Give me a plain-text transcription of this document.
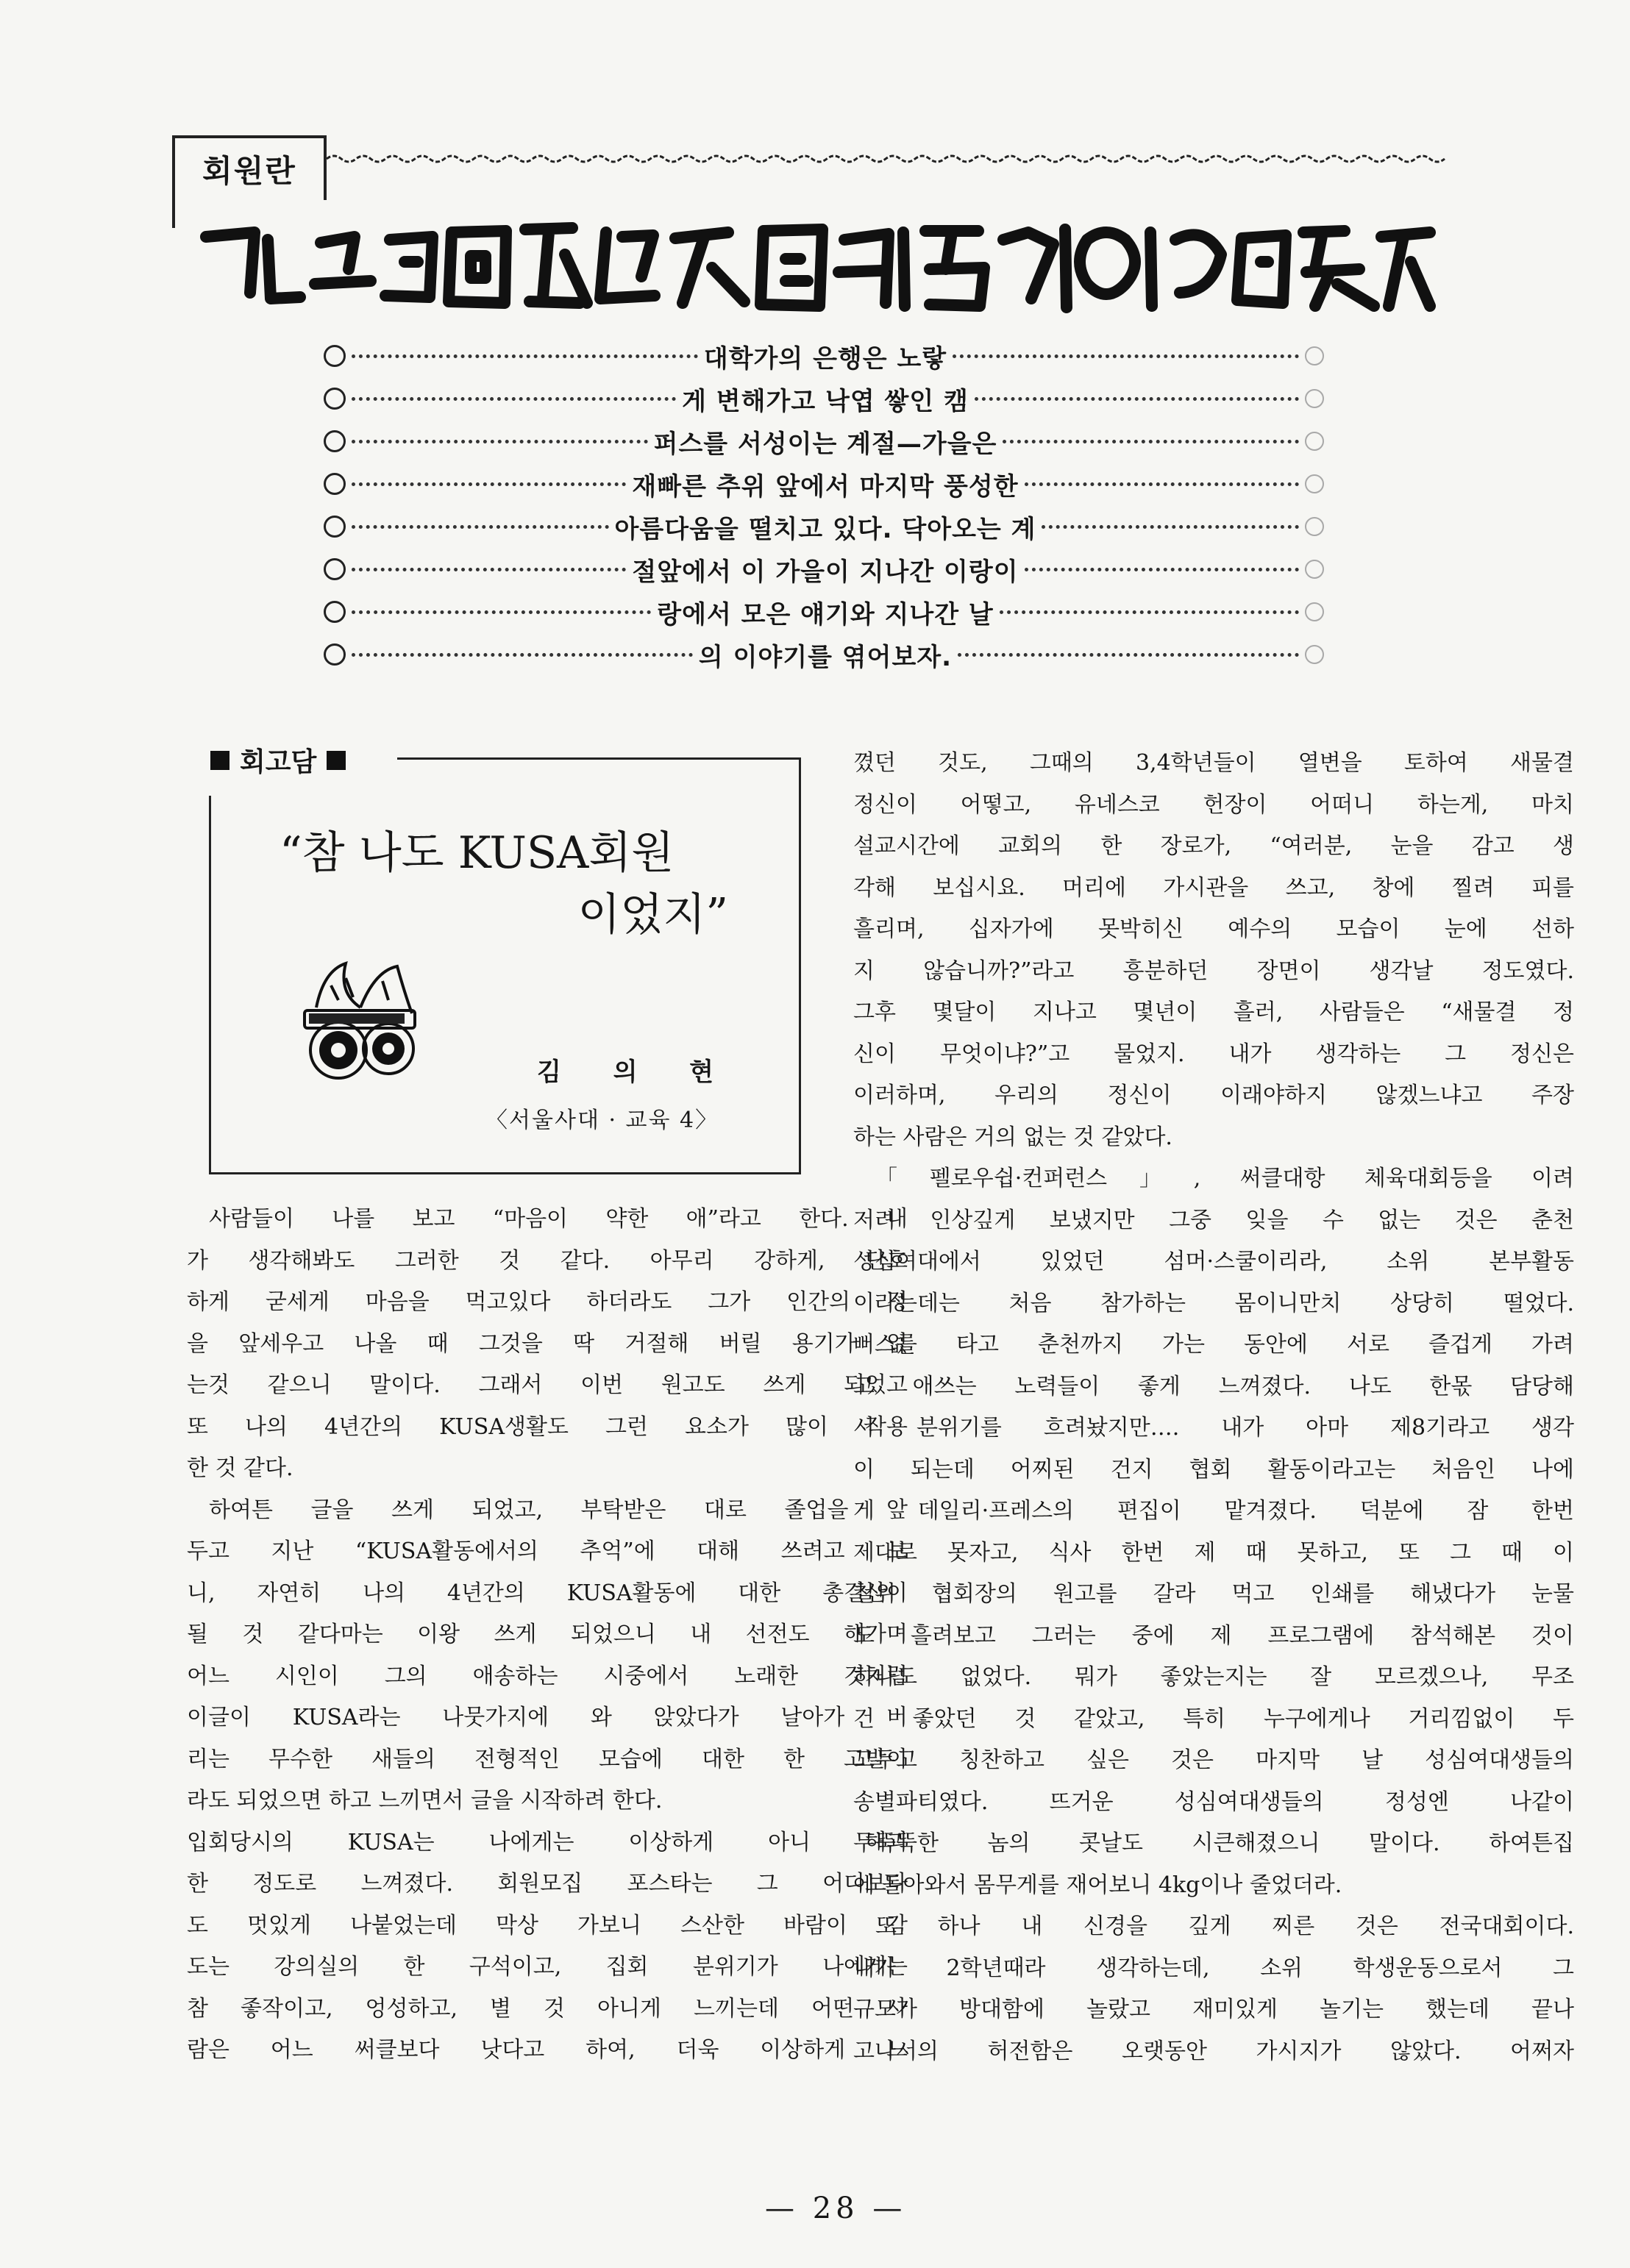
회원란
대학가의 은행은 노랗
게 변해가고 낙엽 쌓인 캠
퍼스를 서성이는 계절—가을은
재빠른 추위 앞에서 마지막 풍성한
아름다움을 떨치고 있다. 닥아오는 계
절앞에서 이 가을이 지나간 이랑이
랑에서 모은 얘기와 지나간 날
의 이야기를 엮어보자.
회고담
“참 나도 KUSA회원
이었지”
김 의 현
〈서울사대 · 교육 4〉

사람들이 나를 보고 “마음이 약한 애”라고 한다. 내

가 생각해봐도 그러한 것 같다. 아무리 강하게, 단호

하게 굳세게 마음을 먹고있다 하더라도 그가 인간의 정

을 앞세우고 나올 때 그것을 딱 거절해 버릴 용기가 없

는것 같으니 말이다. 그래서 이번 원고도 쓰게 되었고

또 나의 4년간의 KUSA생활도 그런 요소가 많이 작용

한 것 같다.

하여튼 글을 쓰게 되었고, 부탁받은 대로 졸업을 앞

두고 지난 “KUSA활동에서의 추억”에 대해 쓰려고 보

니, 자연히 나의 4년간의 KUSA활동에 대한 총결산이

될 것 같다마는 이왕 쓰게 되었으니 내 선전도 해가며

어느 시인이 그의 애송하는 시중에서 노래한 것처럼

이글이 KUSA라는 나뭇가지에 와 앉았다가 날아가 버

리는 무수한 새들의 전형적인 모습에 대한 한 고발이

라도 되었으면 하고 느끼면서 글을 시작하려 한다.

입회당시의 KUSA는 나에게는 이상하게 아니 해괴

한 정도로 느껴졌다. 회원모집 포스타는 그 어디보다

도 멋있게 나붙었는데 막상 가보니 스산한 바람이 감

도는 강의실의 한 구석이고, 집회 분위기가 나에게는

참 좋작이고, 엉성하고, 별 것 아니게 느끼는데 어떤 사

람은 어느 써클보다 낫다고 하여, 더욱 이상하게 느

꼈던 것도, 그때의 3,4학년들이 열변을 토하여 새물결

정신이 어떻고, 유네스코 헌장이 어떠니 하는게, 마치

설교시간에 교회의 한 장로가, “여러분, 눈을 감고 생

각해 보십시요. 머리에 가시관을 쓰고, 창에 찔려 피를

흘리며, 십자가에 못박히신 예수의 모습이 눈에 선하

지 않습니까?”라고 흥분하던 장면이 생각날 정도였다.

그후 몇달이 지나고 몇년이 흘러, 사람들은 “새물결 정

신이 무엇이냐?”고 물었지. 내가 생각하는 그 정신은

이러하며, 우리의 정신이 이래야하지 않겠느냐고 주장

하는 사람은 거의 없는 것 같았다.

「펠로우쉽·컨퍼런스」, 써클대항 체육대회등을 이려

저려 인상깊게 보냈지만 그중 잊을 수 없는 것은 춘천

성심여대에서 있었던 섬머·스쿨이리라, 소위 본부활동

이라는데는 처음 참가하는 몸이니만치 상당히 떨었다.

뻐스를 타고 춘천까지 가는 동안에 서로 즐겁게 가려

고 애쓰는 노력들이 좋게 느껴졌다. 나도 한몫 담당해

서 분위기를 흐려놨지만…. 내가 아마 제8기라고 생각

이 되는데 어찌된 건지 협회 활동이라고는 처음인 나에

게 데일리·프레스의 편집이 맡겨졌다. 덕분에 잠 한번

제대로 못자고, 식사 한번 제 때 못하고, 또 그 때 이

철위 협회장의 원고를 갈라 먹고 인쇄를 해냈다가 눈물

도 흘려보고 그러는 중에 제 프로그램에 참석해본 것이

하나도 없었다. 뭐가 좋았는지는 잘 모르겠으나, 무조

건 좋았던 것 같았고, 특히 누구에게나 거리낌없이 두

고두고 칭찬하고 싶은 것은 마지막 날 성심여대생들의

송별파티였다. 뜨거운 성심여대생들의 정성엔 나같이

무뚝뚝한 놈의 콧날도 시큰해졌으니 말이다. 하여튼집

에 돌아와서 몸무게를 재어보니 4kg이나 줄었더라.

또 하나 내 신경을 깊게 찌른 것은 전국대회이다.

내가 2학년때라 생각하는데, 소위 학생운동으로서 그

규모가 방대함에 놀랐고 재미있게 놀기는 했는데 끝나

고나서의 허전함은 오랫동안 가시지가 않았다. 어쩌자

— 28 —
